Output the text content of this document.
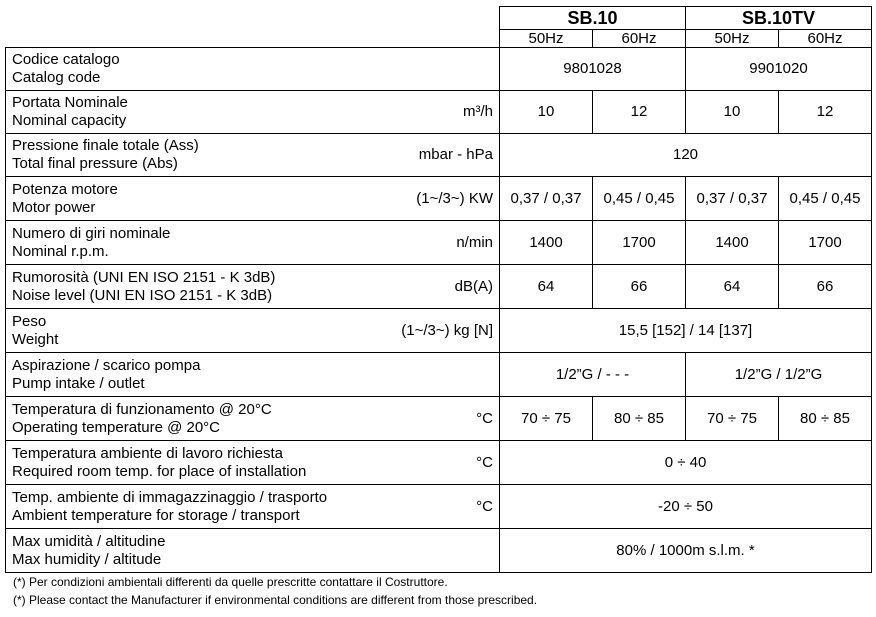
	SB.10		SB.10TV	
	50Hz	60Hz	50Hz	60Hz

Codice catalogo
Catalog code	9801028		9901020	

Portata Nominale
Nominal capacity
m³/h	10	12	10	12

Pressione finale totale (Ass)
Total final pressure (Abs)
mbar - hPa	120			

Potenza motore
Motor power
(1~/3~) KW	0,37 / 0,37	0,45 / 0,45	0,37 / 0,37	0,45 / 0,45

Numero di giri nominale
Nominal r.p.m.
n/min	1400	1700	1400	1700

Rumorosità (UNI EN ISO 2151 - K 3dB)
Noise level (UNI EN ISO 2151 - K 3dB)
dB(A)	64	66	64	66

Peso
Weight
(1~/3~) kg [N]	15,5 [152] / 14 [137]			

Aspirazione / scarico pompa
Pump intake / outlet	1/2”G / - - -		1/2”G / 1/2”G	

Temperatura di funzionamento @ 20°C
Operating temperature @ 20°C
°C	70 ÷ 75	80 ÷ 85	70 ÷ 75	80 ÷ 85

Temperatura ambiente di lavoro richiesta
Required room temp. for place of installation
°C	0 ÷ 40			

Temp. ambiente di immagazzinaggio / trasporto
Ambient temperature for storage / transport
°C	-20 ÷ 50			

Max umidità / altitudine
Max humidity / altitude	80% / 1000m s.l.m. *			
(*) Per condizioni ambientali differenti da quelle prescritte contattare il Costruttore.
(*) Please contact the Manufacturer if environmental conditions are different from those prescribed.
